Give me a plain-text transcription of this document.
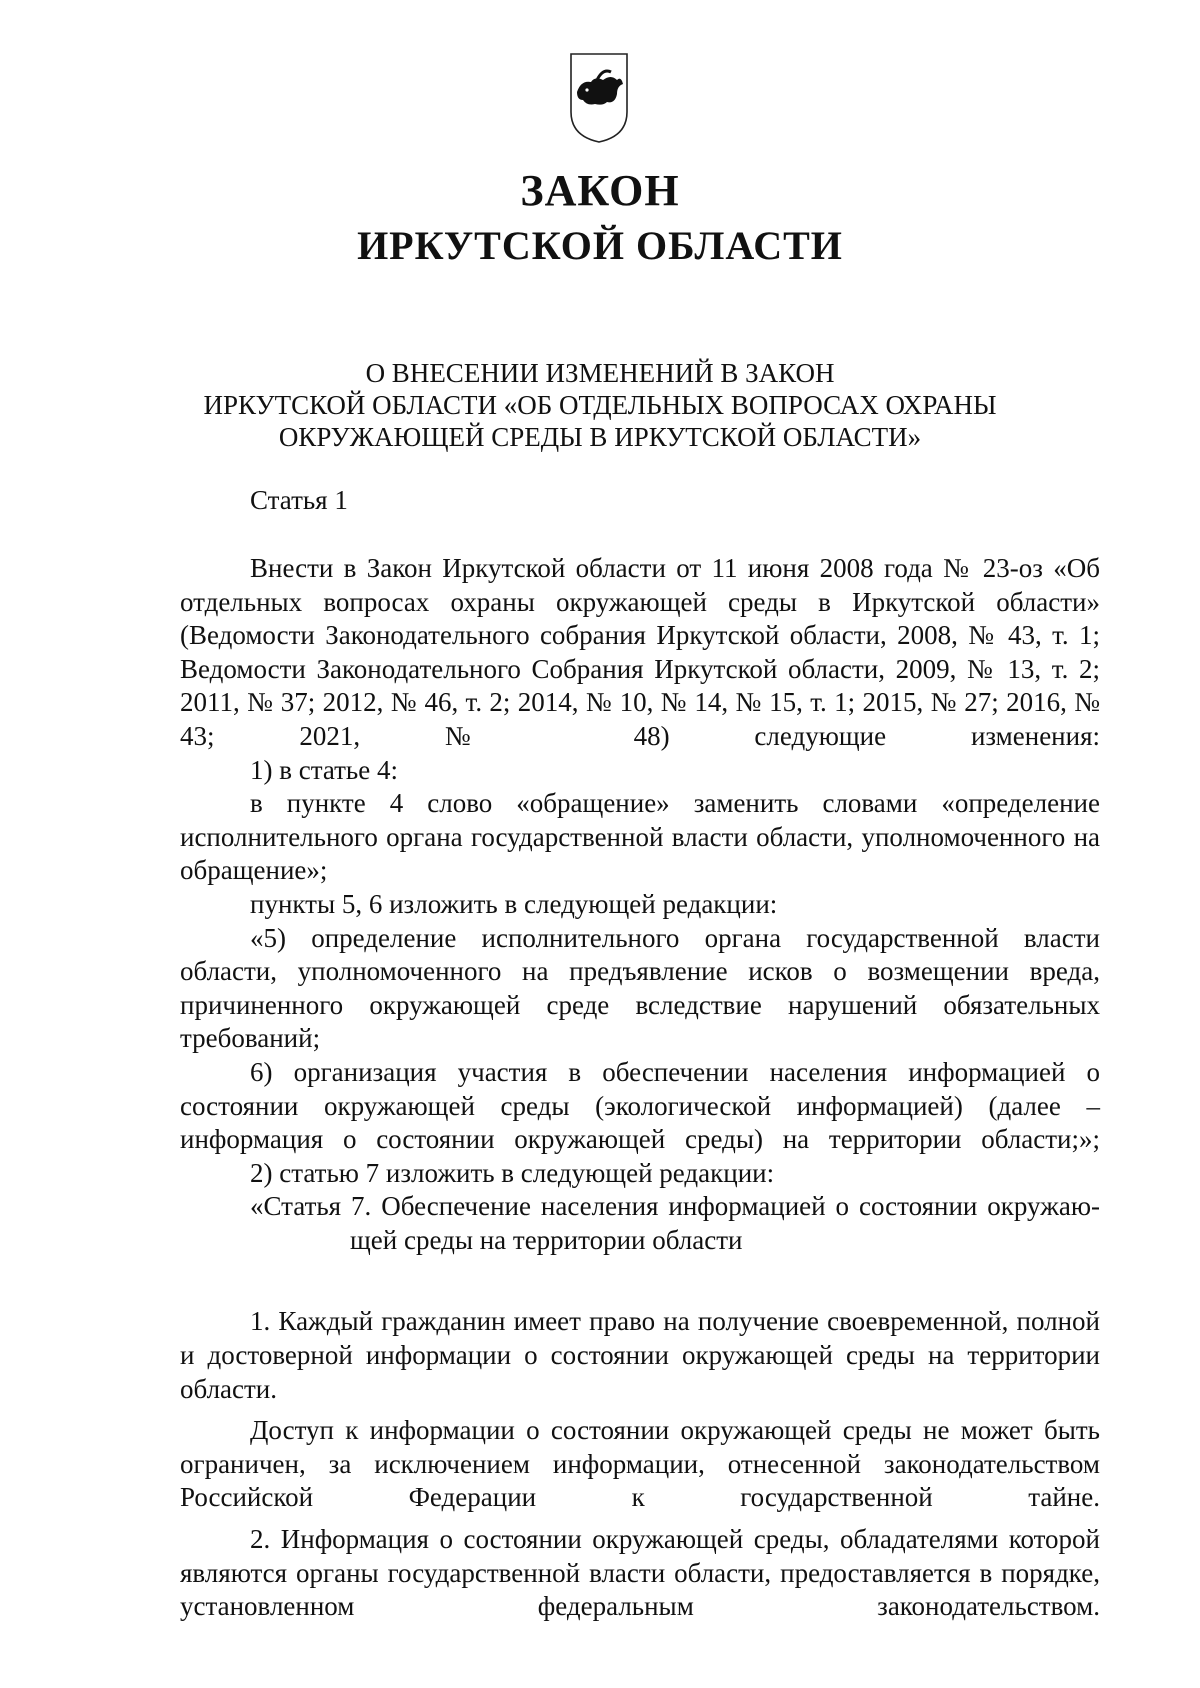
ЗАКОН
ИРКУТСКОЙ ОБЛАСТИ
О ВНЕСЕНИИ ИЗМЕНЕНИЙ В ЗАКОН
ИРКУТСКОЙ ОБЛАСТИ «ОБ ОТДЕЛЬНЫХ ВОПРОСАХ ОХРАНЫ
ОКРУЖАЮЩЕЙ СРЕДЫ В ИРКУТСКОЙ ОБЛАСТИ»
Статья 1

Внести в Закон Иркутской области от 11 июня 2008 года № 23-оз «Об отдельных вопросах охраны окружающей среды в Иркутской области» (Ведомости Законодательного собрания Иркутской области, 2008, № 43, т. 1; Ведомости Законодательного Собрания Иркутской области, 2009, № 13, т. 2; 2011, № 37; 2012, № 46, т. 2; 2014, № 10, № 14, № 15, т. 1; 2015, № 27; 2016, № 43; 2021, № 48) следующие изменения:

1) в статье 4:

в пункте 4 слово «обращение» заменить словами «определение исполнительного органа государственной власти области, уполномоченного на обращение»;

пункты 5, 6 изложить в следующей редакции:

«5) определение исполнительного органа государственной власти области, уполномоченного на предъявление исков о возмещении вреда, причиненного окружающей среде вследствие нарушений обязательных требований;

6) организация участия в обеспечении населения информацией о состоянии окружающей среды (экологической информацией) (далее – информация о состоянии окружающей среды) на территории области;»;

2) статью 7 изложить в следующей редакции:

«Статья 7. Обеспечение населения информацией о состоянии окружаю-

щей среды на территории области

1. Каждый гражданин имеет право на получение своевременной, полной и достоверной информации о состоянии окружающей среды на территории области.

Доступ к информации о состоянии окружающей среды не может быть ограничен, за исключением информации, отнесенной законодательством Российской Федерации к государственной тайне.

2. Информация о состоянии окружающей среды, обладателями которой являются органы государственной власти области, предоставляется в порядке, установленном федеральным законодательством.
